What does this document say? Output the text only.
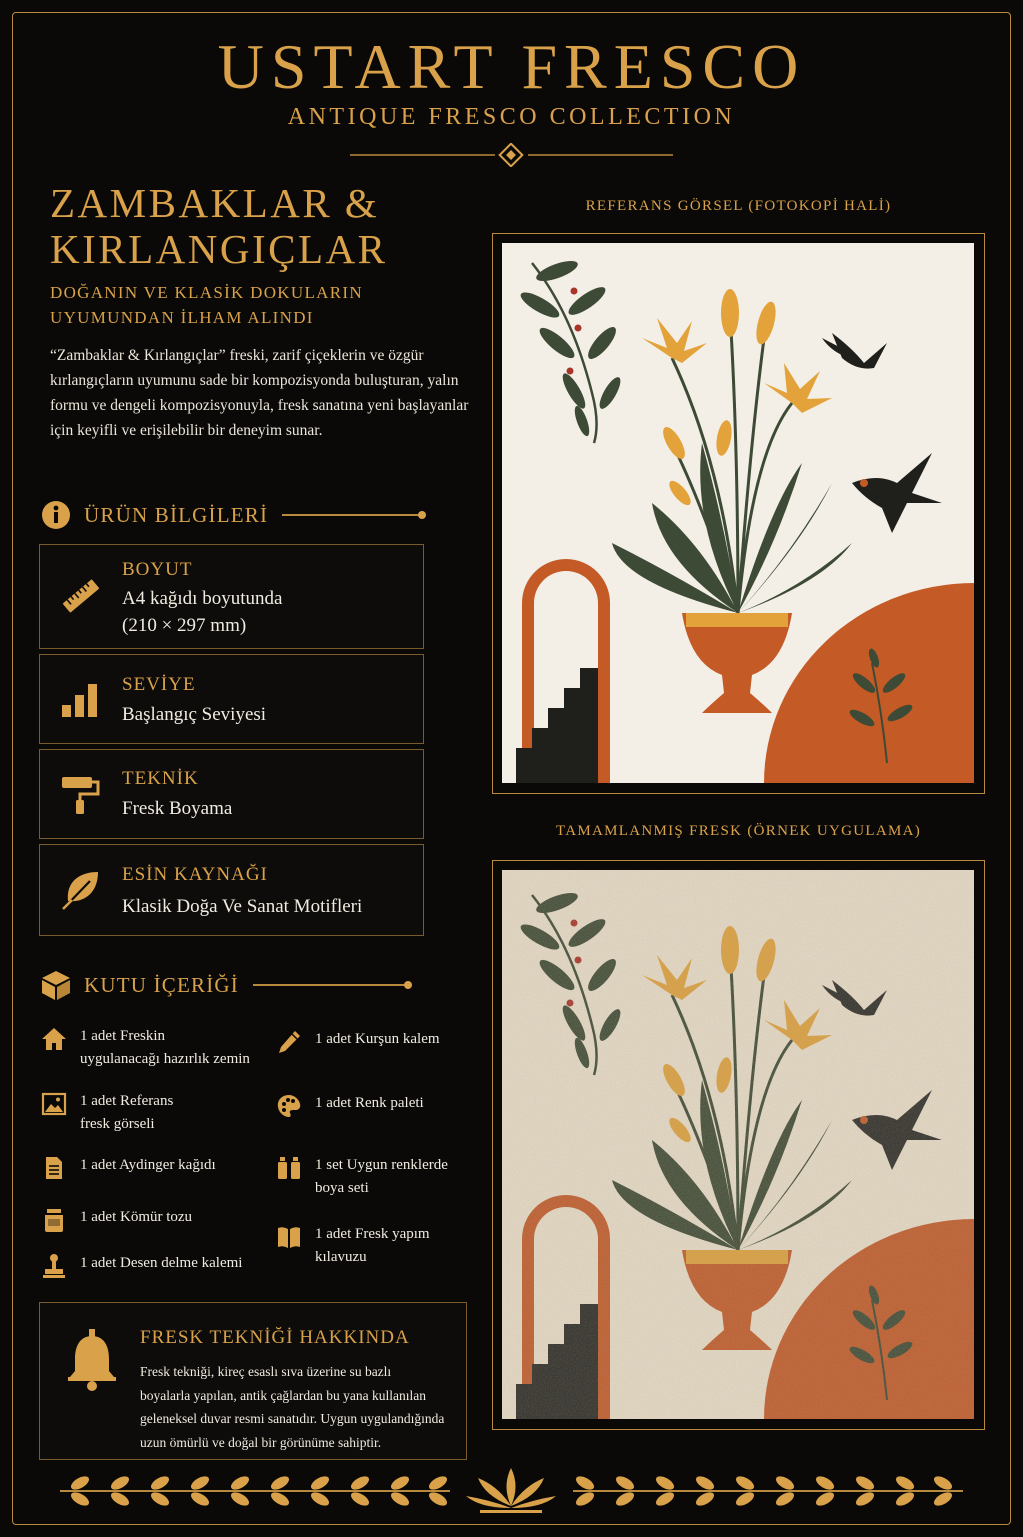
USTART FRESCO
ANTIQUE FRESCO COLLECTION
ZAMBAKLAR &
KIRLANGIÇLAR
DOĞANIN VE KLASİK DOKULARIN
UYUMUNDAN İLHAM ALINDI
“Zambaklar & Kırlangıçlar” freski, zarif çiçeklerin ve özgür kırlangıçların uyumunu sade bir kompozisyonda buluşturan, yalın formu ve dengeli kompozisyonuyla, fresk sanatına yeni başlayanlar için keyifli ve erişilebilir bir deneyim sunar.
ÜRÜN BİLGİLERİ
BOYUT
A4 kağıdı boyutunda
(210 × 297 mm)
SEVİYE
Başlangıç Seviyesi
TEKNİK
Fresk Boyama
ESİN KAYNAĞI
Klasik Doğa Ve Sanat Motifleri
KUTU İÇERİĞİ
1 adet Freskin
uygulanacağı hazırlık zemin
1 adet Referans
fresk görseli
1 adet Aydinger kağıdı
1 adet Kömür tozu
1 adet Desen delme kalemi
1 adet Kurşun kalem
1 adet Renk paleti
1 set Uygun renklerde
boya seti
1 adet Fresk yapım
kılavuzu
FRESK TEKNİĞİ HAKKINDA
Fresk tekniği, kireç esaslı sıva üzerine su bazlı
boyalarla yapılan, antik çağlardan bu yana kullanılan
geleneksel duvar resmi sanatıdır. Uygun uygulandığında
uzun ömürlü ve doğal bir görünüme sahiptir.
REFERANS GÖRSEL (FOTOKOPİ HALİ)
TAMAMLANMIŞ FRESK (ÖRNEK UYGULAMA)
